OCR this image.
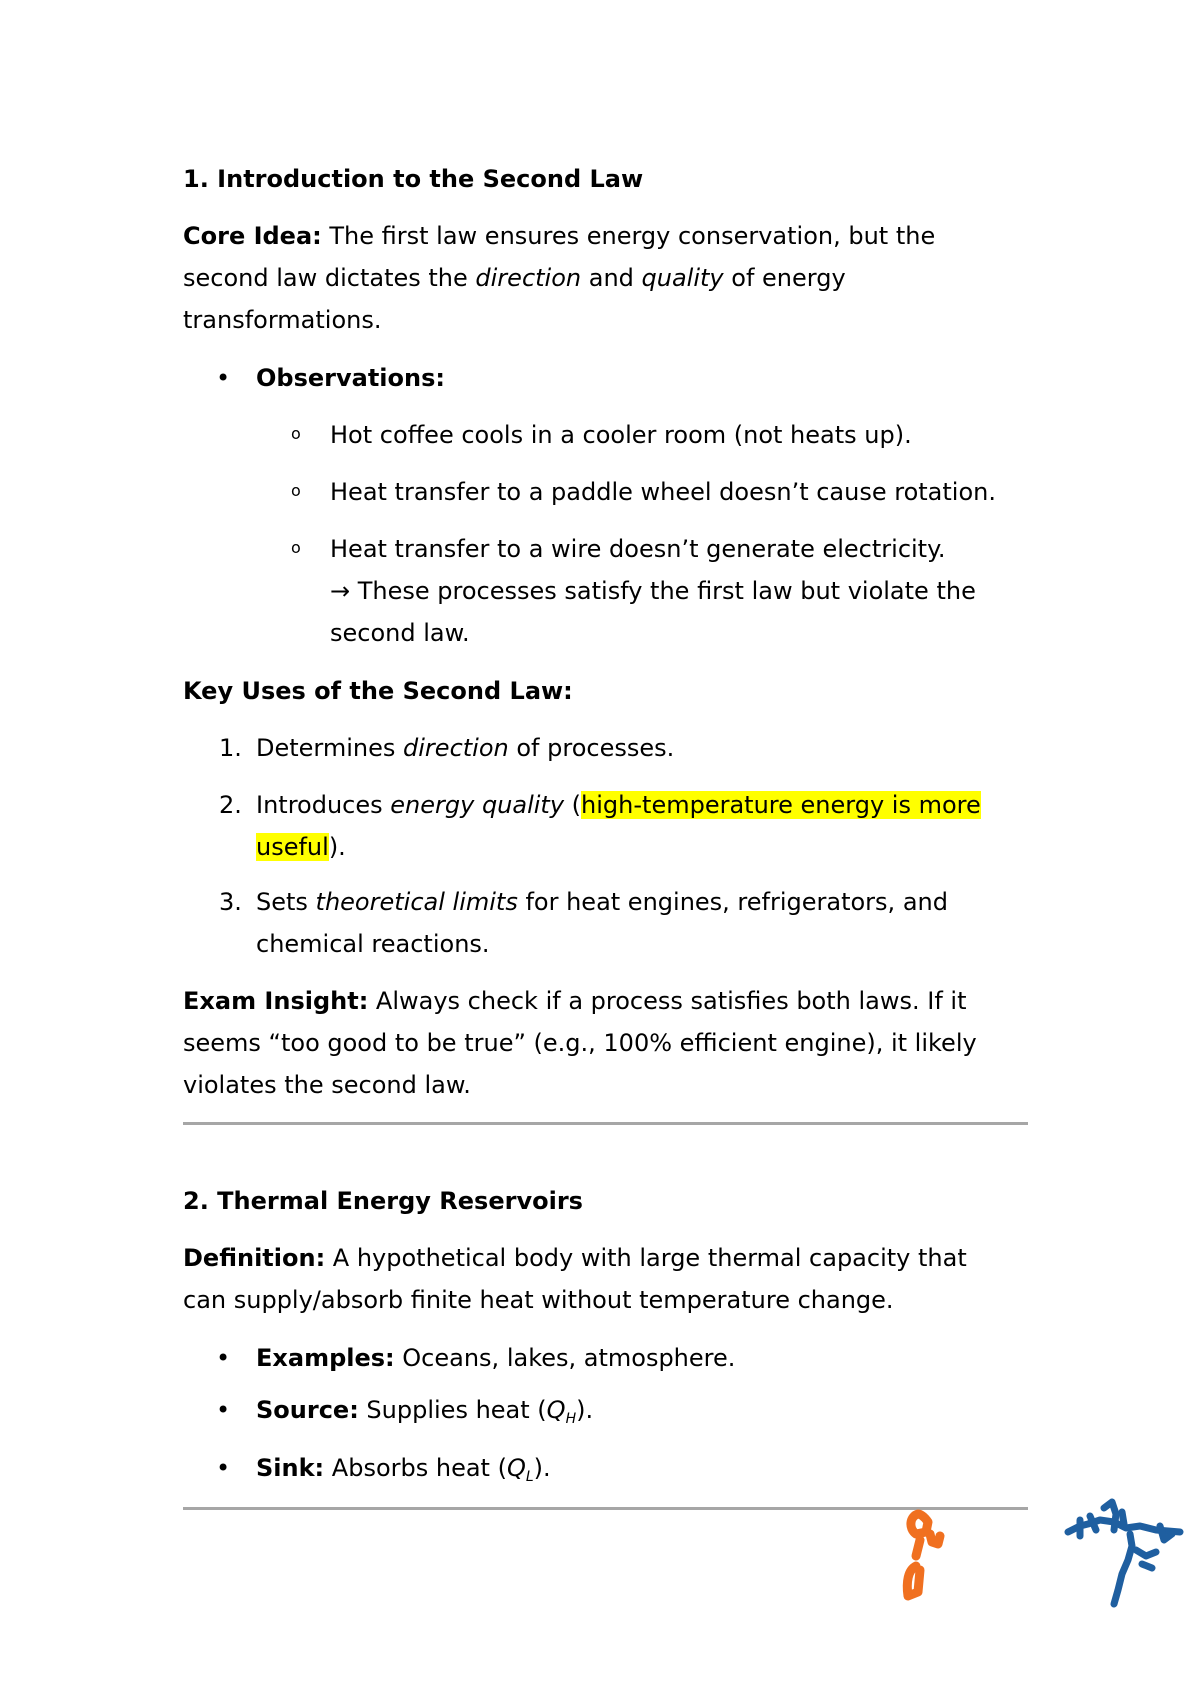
1. Introduction to the Second Law

Core Idea: The first law ensures energy conservation, but the

second law dictates the direction and quality of energy

transformations.

• Observations:

o Hot coffee cools in a cooler room (not heats up).

o Heat transfer to a paddle wheel doesn’t cause rotation.

o Heat transfer to a wire doesn’t generate electricity.

→ These processes satisfy the first law but violate the

second law.

Key Uses of the Second Law:

1. Determines direction of processes.

2. Introduces energy quality (high-temperature energy is more

useful).

3. Sets theoretical limits for heat engines, refrigerators, and

chemical reactions.

Exam Insight: Always check if a process satisfies both laws. If it

seems “too good to be true” (e.g., 100% efficient engine), it likely

violates the second law.

2. Thermal Energy Reservoirs

Definition: A hypothetical body with large thermal capacity that

can supply/absorb finite heat without temperature change.

• Examples: Oceans, lakes, atmosphere.

• Source: Supplies heat $(Q_H)$.

• Sink: Absorbs heat $(Q_L)$.
